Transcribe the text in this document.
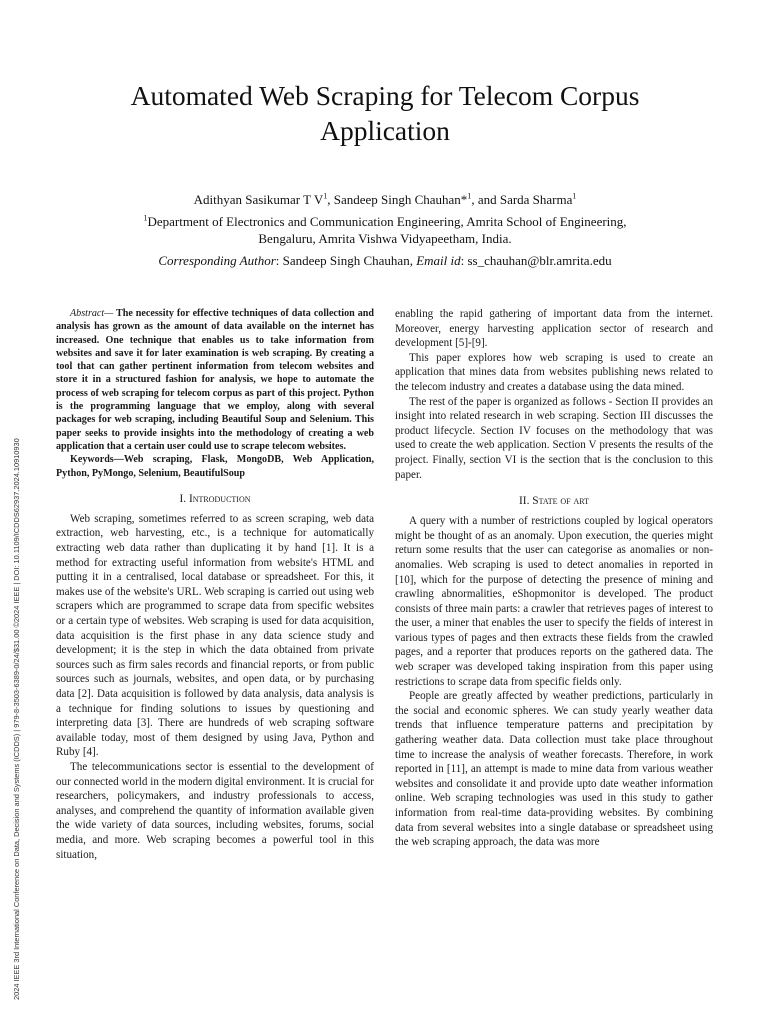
2024 IEEE 3rd International Conference on Data, Decision and Systems (ICDDS) | 979-8-3503-6389-0/24/$31.00 ©2024 IEEE | DOI: 10.1109/ICDDS62937.2024.10910930
Automated Web Scraping for Telecom Corpus
Application
Adithyan Sasikumar T $V^1$, Sandeep Singh Chauhan*$^1$, and Sarda Sharma$^1$
$^1$Department of Electronics and Communication Engineering, Amrita School of Engineering,
Bengaluru, Amrita Vishwa Vidyapeetham, India.
Corresponding Author: Sandeep Singh Chauhan, Email id: ss_chauhan@blr.amrita.edu

Abstract— The necessity for effective techniques of data collection and analysis has grown as the amount of data available on the internet has increased. One technique that enables us to take information from websites and save it for later examination is web scraping. By creating a tool that can gather pertinent information from telecom websites and store it in a structured fashion for analysis, we hope to automate the process of web scraping for telecom corpus as part of this project. Python is the programming language that we employ, along with several packages for web scraping, including Beautiful Soup and Selenium. This paper seeks to provide insights into the methodology of creating a web application that a certain user could use to scrape telecom websites.

Keywords—Web scraping, Flask, MongoDB, Web Application, Python, PyMongo, Selenium, BeautifulSoup

I. Introduction

Web scraping, sometimes referred to as screen scraping, web data extraction, web harvesting, etc., is a technique for automatically extracting web data rather than duplicating it by hand [1]. It is a method for extracting useful information from website's HTML and putting it in a centralised, local database or spreadsheet. For this, it makes use of the website's URL. Web scraping is carried out using web scrapers which are programmed to scrape data from specific websites or a certain type of websites. Web scraping is used for data acquisition, data acquisition is the first phase in any data science study and development; it is the step in which the data obtained from private sources such as firm sales records and financial reports, or from public sources such as journals, websites, and open data, or by purchasing data [2]. Data acquisition is followed by data analysis, data analysis is a technique for finding solutions to issues by questioning and interpreting data [3]. There are hundreds of web scraping software available today, most of them designed by using Java, Python and Ruby [4].

The telecommunications sector is essential to the development of our connected world in the modern digital environment. It is crucial for researchers, policymakers, and industry professionals to access, analyses, and comprehend the quantity of information available given the wide variety of data sources, including websites, forums, social media, and more. Web scraping becomes a powerful tool in this situation,

enabling the rapid gathering of important data from the internet. Moreover, energy harvesting application sector of research and development [5]-[9].

This paper explores how web scraping is used to create an application that mines data from websites publishing news related to the telecom industry and creates a database using the data mined.

The rest of the paper is organized as follows - Section II provides an insight into related research in web scraping. Section III discusses the product lifecycle. Section IV focuses on the methodology that was used to create the web application. Section V presents the results of the project. Finally, section VI is the section that is the conclusion to this paper.

II. State of art

A query with a number of restrictions coupled by logical operators might be thought of as an anomaly. Upon execution, the queries might return some results that the user can categorise as anomalies or non-anomalies. Web scraping is used to detect anomalies in reported in [10], which for the purpose of detecting the presence of mining and crawling abnormalities, eShopmonitor is developed. The product consists of three main parts: a crawler that retrieves pages of interest to the user, a miner that enables the user to specify the fields of interest in various types of pages and then extracts these fields from the crawled pages, and a reporter that produces reports on the gathered data. The web scraper was developed taking inspiration from this paper using restrictions to scrape data from specific fields only.

People are greatly affected by weather predictions, particularly in the social and economic spheres. We can study yearly weather data trends that influence temperature patterns and precipitation by gathering weather data. Data collection must take place throughout time to increase the analysis of weather forecasts. Therefore, in work reported in [11], an attempt is made to mine data from various weather websites and consolidate it and provide upto date weather information online. Web scraping technologies was used in this study to gather information from real-time data-providing websites. By combining data from several websites into a single database or spreadsheet using the web scraping approach, the data was more
